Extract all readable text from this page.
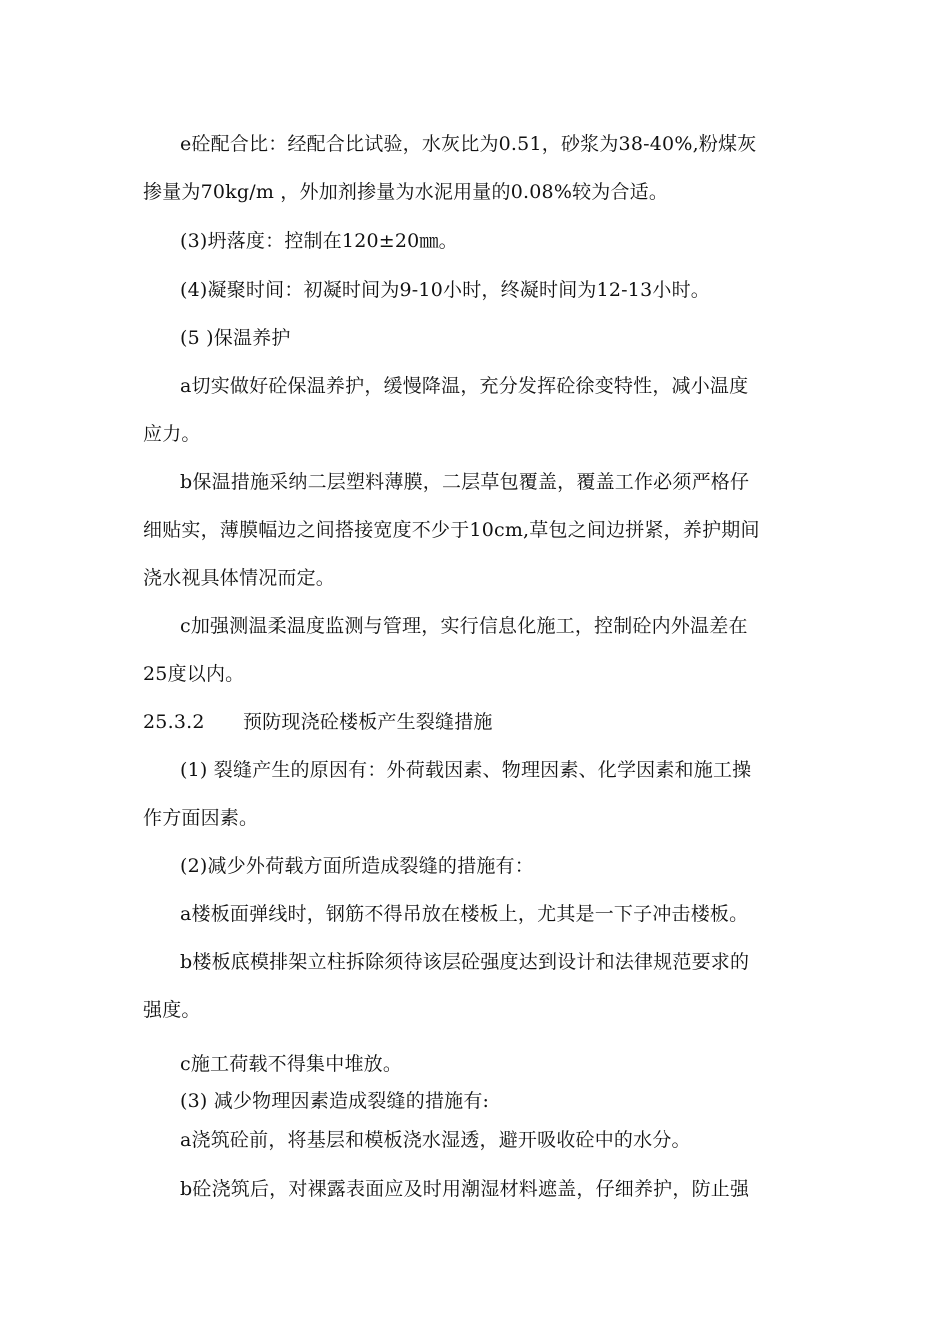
e砼配合比：经配合比试验，水灰比为0.51，砂浆为38-40%,粉煤灰
掺量为70kg/m ，外加剂掺量为水泥用量的0.08%较为合适。
(3)坍落度：控制在120±20㎜。
(4)凝聚时间：初凝时间为9-10小时，终凝时间为12-13小时。
(5 )保温养护
a切实做好砼保温养护，缓慢降温，充分发挥砼徐变特性，减小温度
应力。
b保温措施采纳二层塑料薄膜，二层草包覆盖，覆盖工作必须严格仔
细贴实，薄膜幅边之间搭接宽度不少于10cm,草包之间边拼紧，养护期间
浇水视具体情况而定。
c加强测温柔温度监测与管理，实行信息化施工，控制砼内外温差在
25度以内。
25.3.2　　预防现浇砼楼板产生裂缝措施
(1) 裂缝产生的原因有：外荷载因素、物理因素、化学因素和施工操
作方面因素。
(2)减少外荷载方面所造成裂缝的措施有：
a楼板面弹线时，钢筋不得吊放在楼板上，尤其是一下子冲击楼板。
b楼板底模排架立柱拆除须待该层砼强度达到设计和法律规范要求的
强度。
c施工荷载不得集中堆放。
(3) 减少物理因素造成裂缝的措施有:
a浇筑砼前，将基层和模板浇水湿透，避开吸收砼中的水分。
b砼浇筑后，对裸露表面应及时用潮湿材料遮盖，仔细养护，防止强
